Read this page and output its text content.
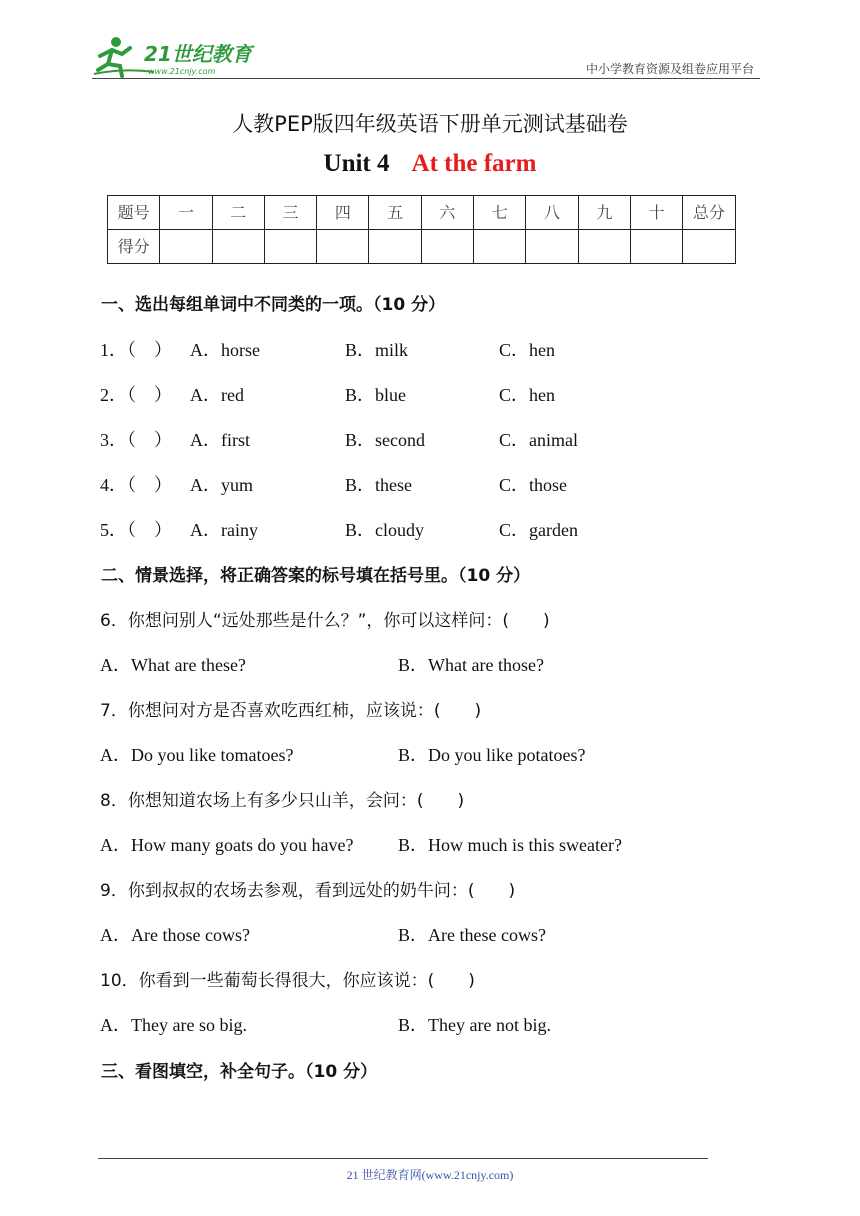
21世纪教育
www.21cnjy.com	中小学教育资源及组卷应用平台
人教PEP版四年级英语下册单元测试基础卷
Unit 4 At the farm
题号	一	二	三	四	五	六	七	八	九	十	总分
得分											
一、选出每组单词中不同类的一项。（10 分）
1．（　） A．horse	B．milk	C．hen
2．（　） A．red	B．blue	C．hen
3．（　） A．first	B．second	C．animal
4．（　） A．yum	B．these	C．those
5．（　） A．rainy	B．cloudy	C．garden
二、情景选择，将正确答案的标号填在括号里。（10 分）
6．你想问别人“远处那些是什么？”，你可以这样问：(　　)
A．What are these?	B．What are those?
7．你想问对方是否喜欢吃西红柿，应该说：(　　)
A．Do you like tomatoes?	B．Do you like potatoes?
8．你想知道农场上有多少只山羊，会问：(　　)
A．How many goats do you have? B．How much is this sweater?
9．你到叔叔的农场去参观，看到远处的奶牛问：(　　)
A．Are those cows?	B．Are these cows?
10．你看到一些葡萄长得很大，你应该说：(　　)
A．They are so big.	B．They are not big.
三、看图填空，补全句子。（10 分）
21 世纪教育网(www.21cnjy.com)
